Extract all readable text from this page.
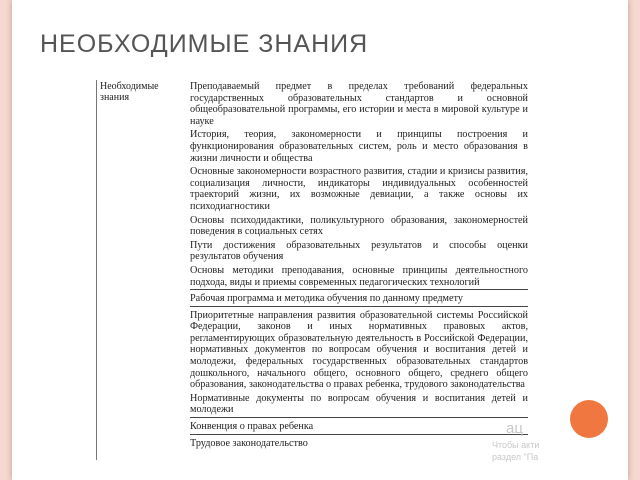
НЕОБХОДИМЫЕ ЗНАНИЯ
Необходимые знания
Преподаваемый предмет в пределах требований федеральных государственных образовательных стандартов и основной общеобразовательной программы, его истории и места в мировой культуре и науке
История, теория, закономерности и принципы построения и функционирования образовательных систем, роль и место образования в жизни личности и общества
Основные закономерности возрастного развития, стадии и кризисы развития, социализация личности, индикаторы индивидуальных особенностей траекторий жизни, их возможные девиации, а также основы их психодиагностики
Основы психодидактики, поликультурного образования, закономерностей поведения в социальных сетях
Пути достижения образовательных результатов и способы оценки результатов обучения
Основы методики преподавания, основные принципы деятельностного подхода, виды и приемы современных педагогических технологий
Рабочая программа и методика обучения по данному предмету
Приоритетные направления развития образовательной системы Российской Федерации, законов и иных нормативных правовых актов, регламентирующих образовательную деятельность в Российской Федерации, нормативных документов по вопросам обучения и воспитания детей и молодежи, федеральных государственных образовательных стандартов дошкольного, начального общего, основного общего, среднего общего образования, законодательства о правах ребенка, трудового законодательства
Нормативные документы по вопросам обучения и воспитания детей и молодежи
Конвенция о правах ребенка
Трудовое законодательство
ац
Чтобы акти
раздел "Па
